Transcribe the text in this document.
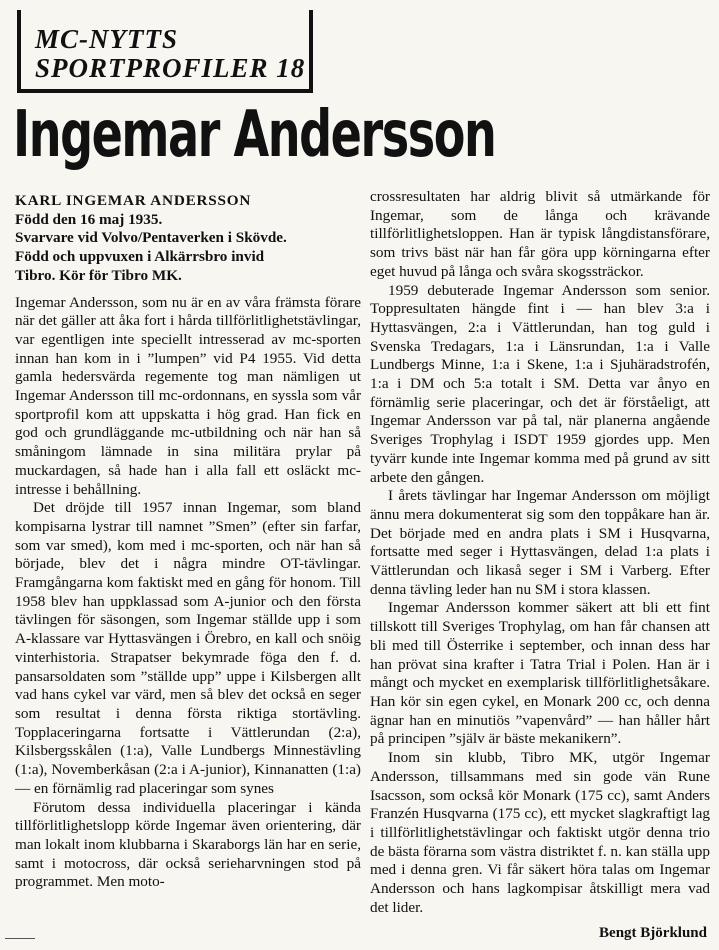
MC-NYTTS
SPORTPROFILER 18
Ingemar Andersson
KARL INGEMAR ANDERSSON
Född den 16 maj 1935.
Svarvare vid Volvo/Pentaverken i Skövde.
Född och uppvuxen i Alkärrsbro invid
Tibro. Kör för Tibro MK.

Ingemar Andersson, som nu är en av våra främsta förare när det gäller att åka fort i hårda tillförlitlighetstävlingar, var egentligen inte speciellt intresserad av mc-sporten innan han kom in i ”lumpen” vid P4 1955. Vid detta gamla hedersvärda regemente tog man nämligen ut Ingemar Andersson till mc-ordonnans, en syssla som vår sportprofil kom att uppskatta i hög grad. Han fick en god och grundläggande mc-utbildning och när han så småningom lämnade in sina militära prylar på muckardagen, så hade han i alla fall ett osläckt mc-intresse i behållning.

Det dröjde till 1957 innan Ingemar, som bland kompisarna lystrar till namnet ”Smen” (efter sin farfar, som var smed), kom med i mc-sporten, och när han så började, blev det i några mindre OT-tävlingar. Framgångarna kom faktiskt med en gång för honom. Till 1958 blev han uppklassad som A-junior och den första tävlingen för säsongen, som Ingemar ställde upp i som A-klassare var Hyttasvängen i Örebro, en kall och snöig vinterhistoria. Strapatser bekymrade föga den f. d. pansarsoldaten som ”ställde upp” uppe i Kilsbergen allt vad hans cykel var värd, men så blev det också en seger som resultat i denna första riktiga stortävling. Topplaceringarna fortsatte i Vättlerundan (2:a), Kilsbergsskålen (1:a), Valle Lundbergs Minnestävling (1:a), Novemberkåsan (2:a i A-junior), Kinnanatten (1:a) — en förnämlig rad placeringar som synes

Förutom dessa individuella placeringar i kända tillförlitlighetslopp körde Ingemar även orientering, där man lokalt inom klubbarna i Skaraborgs län har en serie, samt i motocross, där också serieharvningen stod på programmet. Men moto-

crossresultaten har aldrig blivit så utmärkande för Ingemar, som de långa och krävande tillförlitlighetsloppen. Han är typisk långdistansförare, som trivs bäst när han får göra upp körningarna efter eget huvud på långa och svåra skogssträckor.

1959 debuterade Ingemar Andersson som senior. Toppresultaten hängde fint i — han blev 3:a i Hyttasvängen, 2:a i Vättlerundan, han tog guld i Svenska Tredagars, 1:a i Länsrundan, 1:a i Valle Lundbergs Minne, 1:a i Skene, 1:a i Sjuhäradstrofén, 1:a i DM och 5:a totalt i SM. Detta var ånyo en förnämlig serie placeringar, och det är förståeligt, att Ingemar Andersson var på tal, när planerna angående Sveriges Trophylag i ISDT 1959 gjordes upp. Men tyvärr kunde inte Ingemar komma med på grund av sitt arbete den gången.

I årets tävlingar har Ingemar Andersson om möjligt ännu mera dokumenterat sig som den toppåkare han är. Det började med en andra plats i SM i Husqvarna, fortsatte med seger i Hyttasvängen, delad 1:a plats i Vättlerundan och likaså seger i SM i Varberg. Efter denna tävling leder han nu SM i stora klassen.

Ingemar Andersson kommer säkert att bli ett fint tillskott till Sveriges Trophylag, om han får chansen att bli med till Österrike i september, och innan dess har han prövat sina krafter i Tatra Trial i Polen. Han är i mångt och mycket en exemplarisk tillförlitlighetsåkare. Han kör sin egen cykel, en Monark 200 cc, och denna ägnar han en minutiös ”vapenvård” — han håller hårt på principen ”själv är bäste mekanikern”.

Inom sin klubb, Tibro MK, utgör Ingemar Andersson, tillsammans med sin gode vän Rune Isacsson, som också kör Monark (175 cc), samt Anders Franzén Husqvarna (175 cc), ett mycket slagkraftigt lag i tillförlitlighetstävlingar och faktiskt utgör denna trio de bästa förarna som västra distriktet f. n. kan ställa upp med i denna gren. Vi får säkert höra talas om Ingemar Andersson och hans lagkompisar åtskilligt mera vad det lider.

Bengt Björklund
